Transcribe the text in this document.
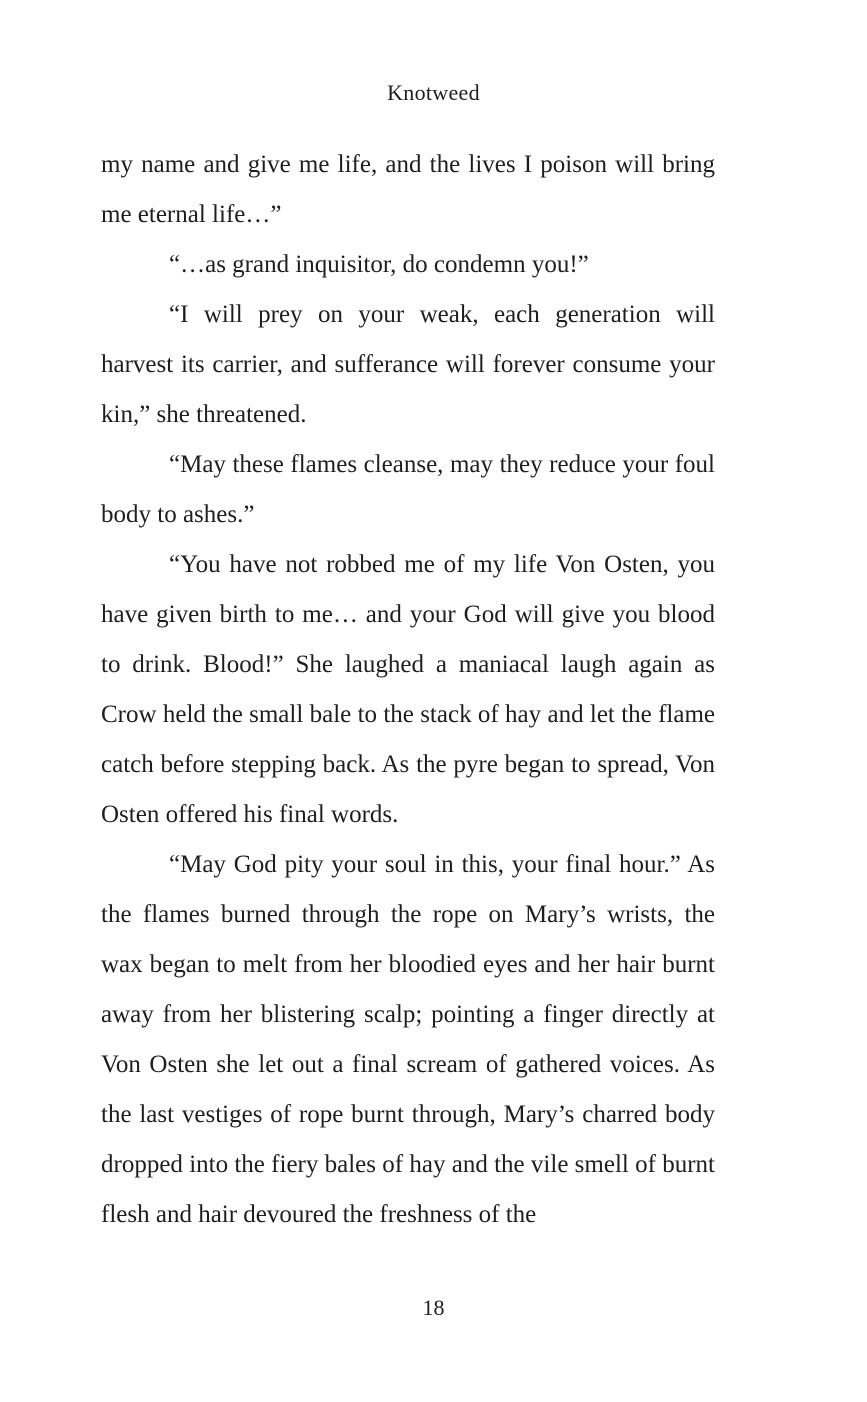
Knotweed

my name and give me life, and the lives I poison will bring me eternal life…”

“…as grand inquisitor, do condemn you!”

“I will prey on your weak, each generation will harvest its carrier, and sufferance will forever consume your kin,” she threatened.

“May these flames cleanse, may they reduce your foul body to ashes.”

“You have not robbed me of my life Von Osten, you have given birth to me… and your God will give you blood to drink. Blood!” She laughed a maniacal laugh again as Crow held the small bale to the stack of hay and let the flame catch before stepping back. As the pyre began to spread, Von Osten offered his final words.

“May God pity your soul in this, your final hour.” As the flames burned through the rope on Mary’s wrists, the wax began to melt from her bloodied eyes and her hair burnt away from her blistering scalp; pointing a finger directly at Von Osten she let out a final scream of gathered voices. As the last vestiges of rope burnt through, Mary’s charred body dropped into the fiery bales of hay and the vile smell of burnt flesh and hair devoured the freshness of the

18
